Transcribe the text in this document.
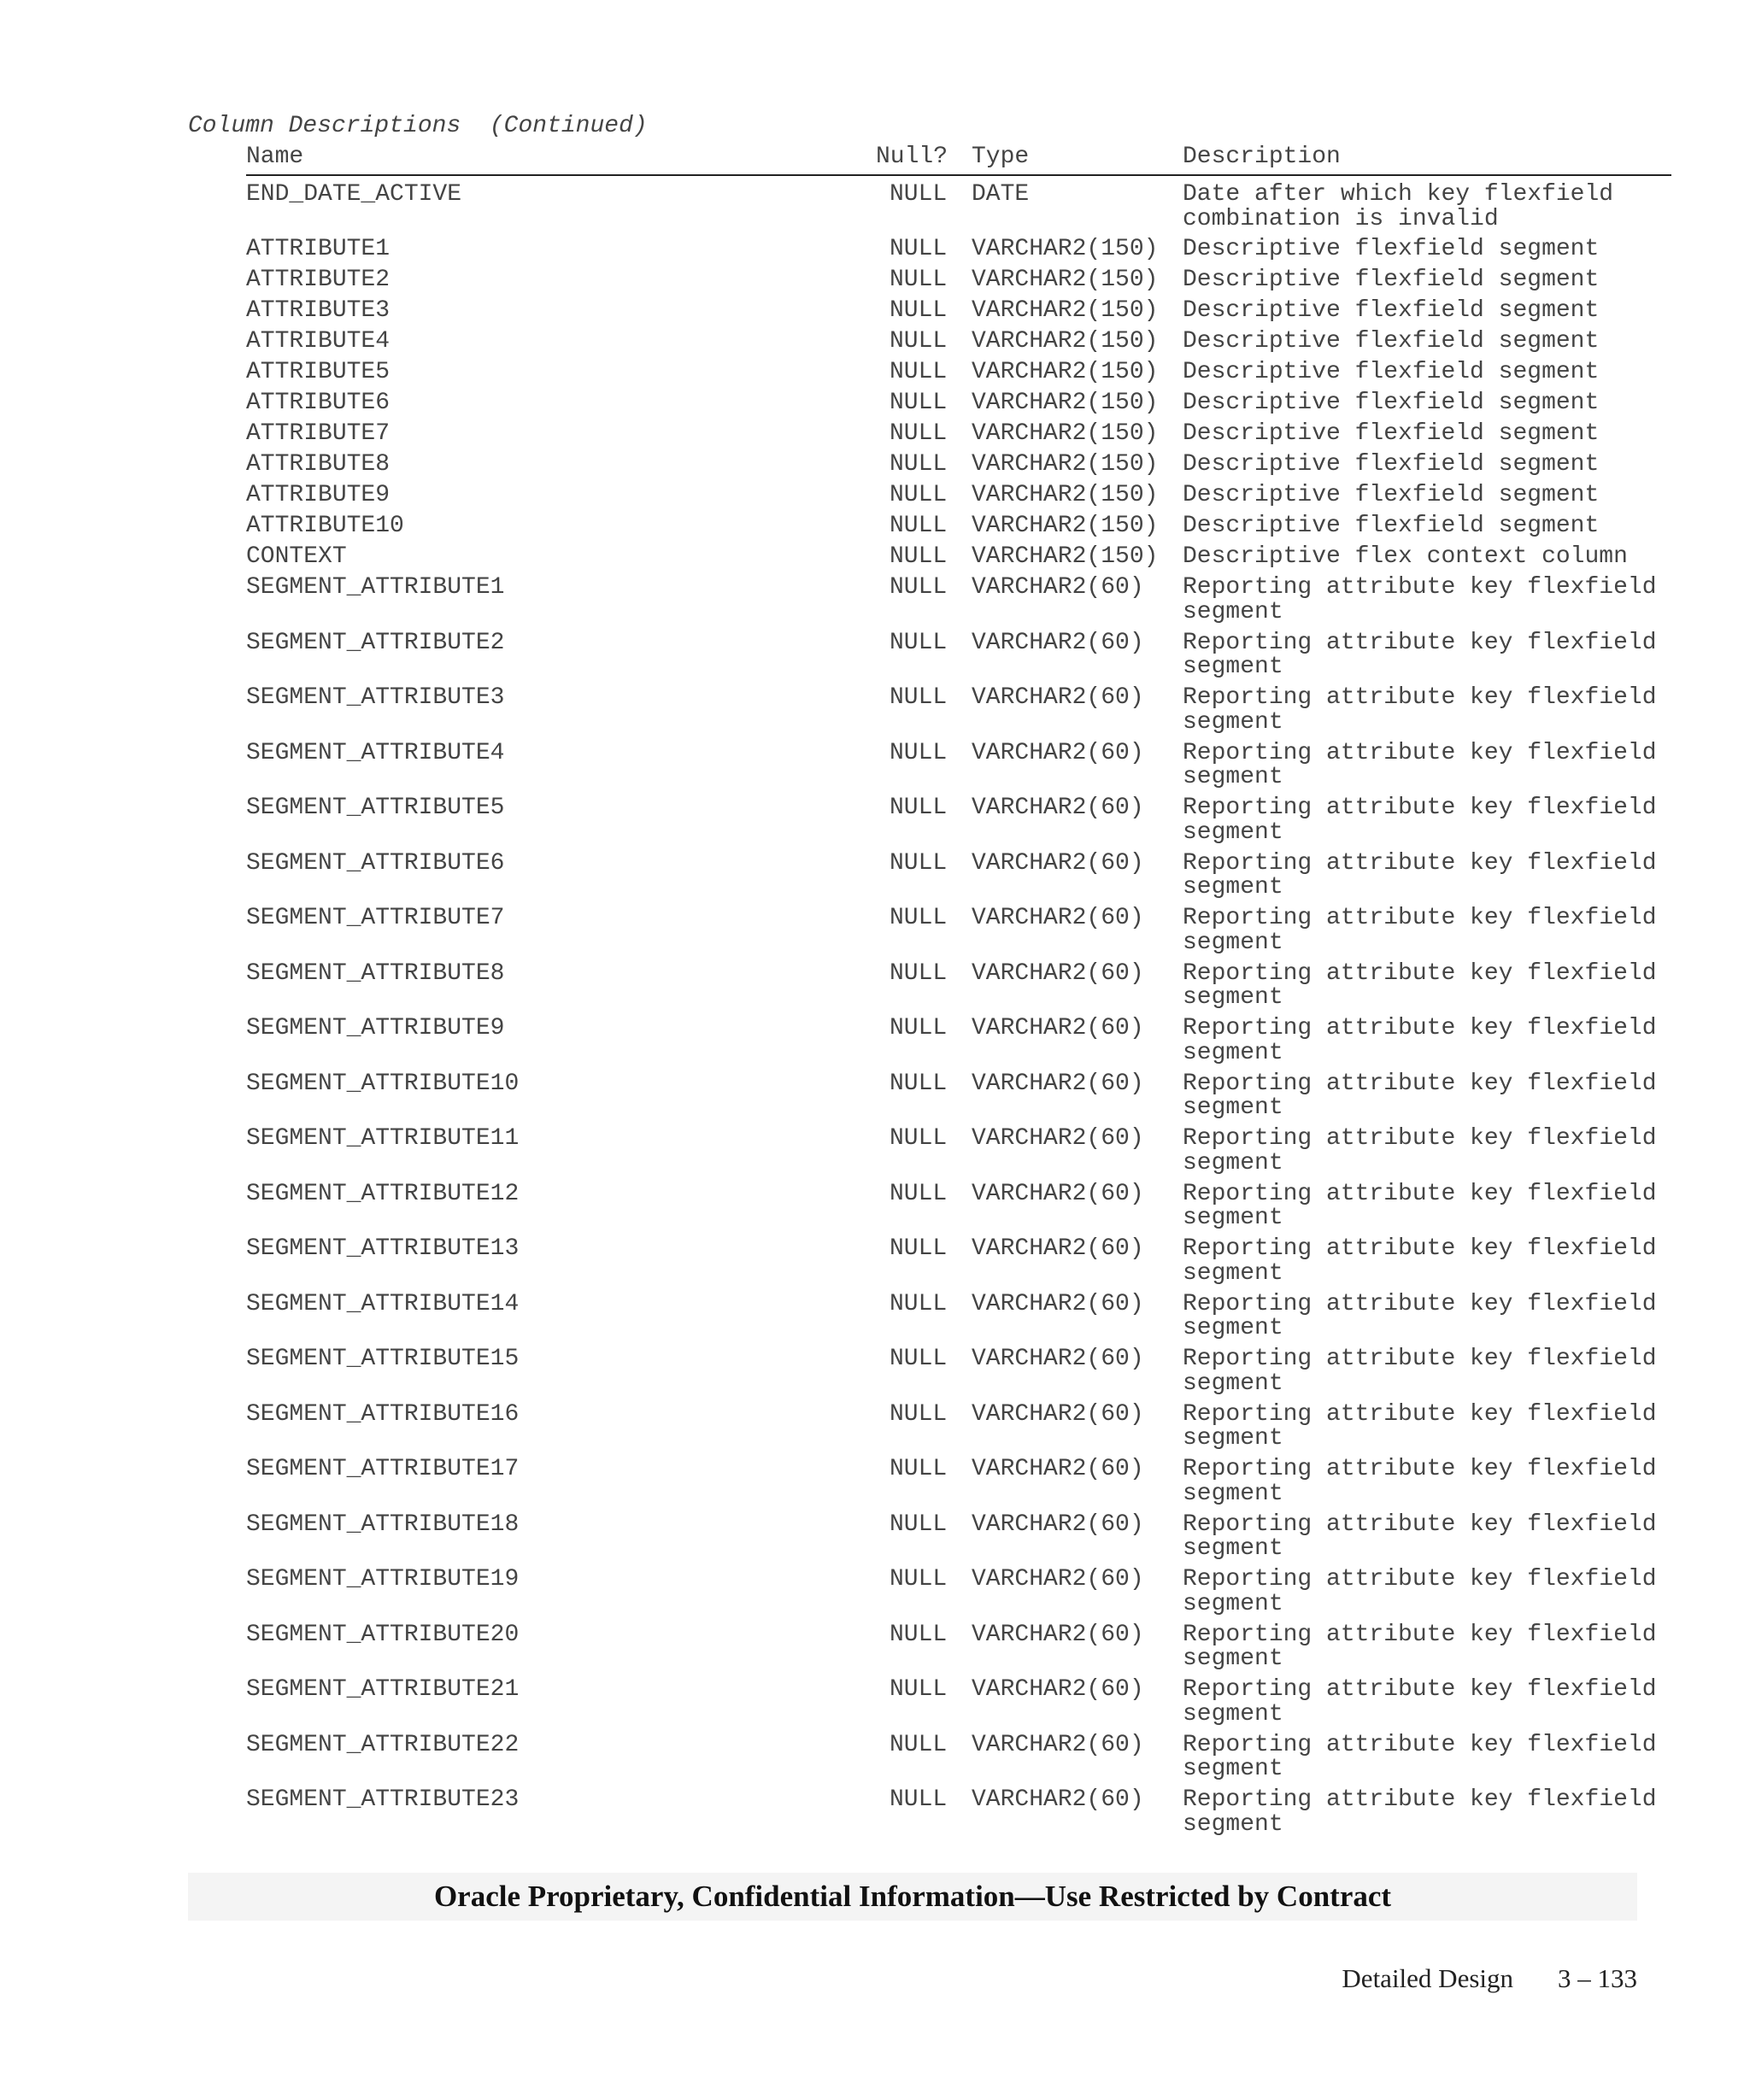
Column Descriptions  (Continued)
Name	Null? Type	Description
END_DATE_ACTIVE	NULL DATE	Date after which key flexfield combination is invalid
ATTRIBUTE1	NULL VARCHAR2(150) Descriptive flexfield segment
ATTRIBUTE2	NULL VARCHAR2(150) Descriptive flexfield segment
ATTRIBUTE3	NULL VARCHAR2(150) Descriptive flexfield segment
ATTRIBUTE4	NULL VARCHAR2(150) Descriptive flexfield segment
ATTRIBUTE5	NULL VARCHAR2(150) Descriptive flexfield segment
ATTRIBUTE6	NULL VARCHAR2(150) Descriptive flexfield segment
ATTRIBUTE7	NULL VARCHAR2(150) Descriptive flexfield segment
ATTRIBUTE8	NULL VARCHAR2(150) Descriptive flexfield segment
ATTRIBUTE9	NULL VARCHAR2(150) Descriptive flexfield segment
ATTRIBUTE10	NULL VARCHAR2(150) Descriptive flexfield segment
CONTEXT	NULL VARCHAR2(150) Descriptive flex context column
SEGMENT_ATTRIBUTE1	NULL VARCHAR2(60) Reporting attribute key flexfield segment
SEGMENT_ATTRIBUTE2	NULL VARCHAR2(60) Reporting attribute key flexfield segment
SEGMENT_ATTRIBUTE3	NULL VARCHAR2(60) Reporting attribute key flexfield segment
SEGMENT_ATTRIBUTE4	NULL VARCHAR2(60) Reporting attribute key flexfield segment
SEGMENT_ATTRIBUTE5	NULL VARCHAR2(60) Reporting attribute key flexfield segment
SEGMENT_ATTRIBUTE6	NULL VARCHAR2(60) Reporting attribute key flexfield segment
SEGMENT_ATTRIBUTE7	NULL VARCHAR2(60) Reporting attribute key flexfield segment
SEGMENT_ATTRIBUTE8	NULL VARCHAR2(60) Reporting attribute key flexfield segment
SEGMENT_ATTRIBUTE9	NULL VARCHAR2(60) Reporting attribute key flexfield segment
SEGMENT_ATTRIBUTE10	NULL VARCHAR2(60) Reporting attribute key flexfield segment
SEGMENT_ATTRIBUTE11	NULL VARCHAR2(60) Reporting attribute key flexfield segment
SEGMENT_ATTRIBUTE12	NULL VARCHAR2(60) Reporting attribute key flexfield segment
SEGMENT_ATTRIBUTE13	NULL VARCHAR2(60) Reporting attribute key flexfield segment
SEGMENT_ATTRIBUTE14	NULL VARCHAR2(60) Reporting attribute key flexfield segment
SEGMENT_ATTRIBUTE15	NULL VARCHAR2(60) Reporting attribute key flexfield segment
SEGMENT_ATTRIBUTE16	NULL VARCHAR2(60) Reporting attribute key flexfield segment
SEGMENT_ATTRIBUTE17	NULL VARCHAR2(60) Reporting attribute key flexfield segment
SEGMENT_ATTRIBUTE18	NULL VARCHAR2(60) Reporting attribute key flexfield segment
SEGMENT_ATTRIBUTE19	NULL VARCHAR2(60) Reporting attribute key flexfield segment
SEGMENT_ATTRIBUTE20	NULL VARCHAR2(60) Reporting attribute key flexfield segment
SEGMENT_ATTRIBUTE21	NULL VARCHAR2(60) Reporting attribute key flexfield segment
SEGMENT_ATTRIBUTE22	NULL VARCHAR2(60) Reporting attribute key flexfield segment
SEGMENT_ATTRIBUTE23	NULL VARCHAR2(60) Reporting attribute key flexfield segment
Oracle Proprietary, Confidential Information––Use Restricted by Contract
Detailed Design 3 – 133
